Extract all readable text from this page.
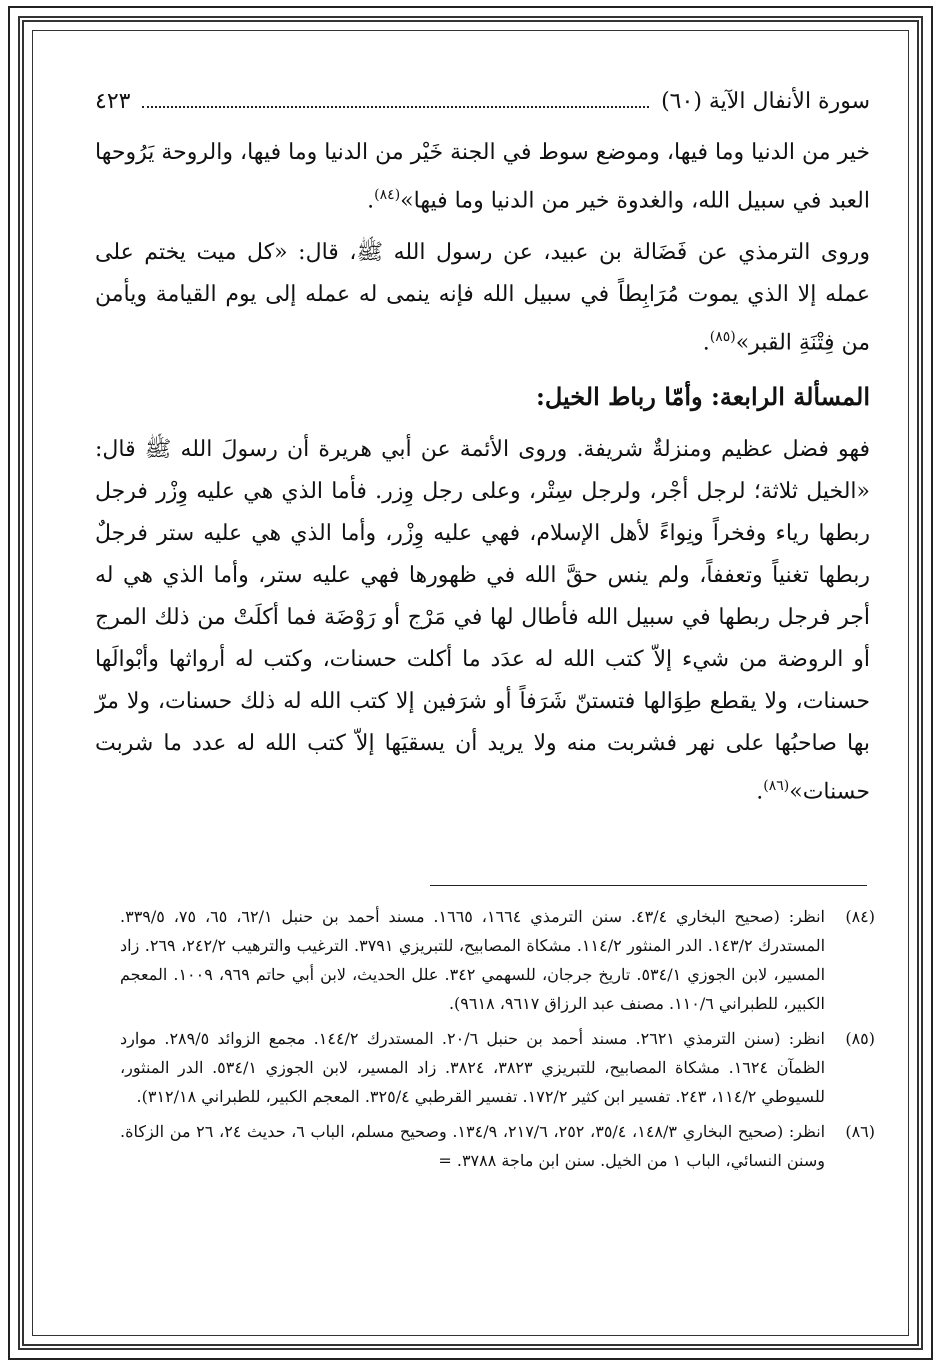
سورة الأنفال الآية (٦٠)
٤٢٣

خير من الدنيا وما فيها، وموضع سوط في الجنة خَيْر من الدنيا وما فيها، والروحة يَرُوحها العبد في سبيل الله، والغدوة خير من الدنيا وما فيها»$^{(٨٤)}$.

وروى الترمذي عن فَضَالة بن عبيد، عن رسول الله ﷺ، قال: «كل ميت يختم على عمله إلا الذي يموت مُرَابِطاً في سبيل الله فإنه ينمى له عمله إلى يوم القيامة ويأمن من فِتْنَةِ القبر»$^{(٨٥)}$.

المسألة الرابعة: وأمّا رباط الخيل:

فهو فضل عظيم ومنزلةٌ شريفة. وروى الأئمة عن أبي هريرة أن رسولَ الله ﷺ قال: «الخيل ثلاثة؛ لرجل أجْر، ولرجل سِتْر، وعلى رجل وِزر. فأما الذي هي عليه وِزْر فرجل ربطها رياء وفخراً ونِواءً لأهل الإسلام، فهي عليه وِزْر، وأما الذي هي عليه ستر فرجلٌ ربطها تغنياً وتعففاً، ولم ينس حقَّ الله في ظهورها فهي عليه ستر، وأما الذي هي له أجر فرجل ربطها في سبيل الله فأطال لها في مَرْج أو رَوْضَة فما أكلَتْ من ذلك المرج أو الروضة من شيء إلاّ كتب الله له عدَد ما أكلت حسنات، وكتب له أرواثها وأبْوالَها حسنات، ولا يقطع طِوَالها فتستنّ شَرَفاً أو شرَفين إلا كتب الله له ذلك حسنات، ولا مرّ بها صاحبُها على نهر فشربت منه ولا يريد أن يسقيَها إلاّ كتب الله له عدد ما شربت حسنات»$^{(٨٦)}$.

(٨٤)
انظر: (صحيح البخاري ٤٣/٤. سنن الترمذي ١٦٦٤، ١٦٦٥. مسند أحمد بن حنبل ٦٢/١، ٦٥، ٧٥، ٣٣٩/٥. المستدرك ١٤٣/٢. الدر المنثور ١١٤/٢. مشكاة المصابيح، للتبريزي ٣٧٩١. الترغيب والترهيب ٢٤٢/٢، ٢٦٩. زاد المسير، لابن الجوزي ٥٣٤/١. تاريخ جرجان، للسهمي ٣٤٢. علل الحديث، لابن أبي حاتم ٩٦٩، ١٠٠٩. المعجم الكبير، للطبراني ١١٠/٦. مصنف عبد الرزاق ٩٦١٧، ٩٦١٨).
(٨٥)
انظر: (سنن الترمذي ٢٦٢١. مسند أحمد بن حنبل ٢٠/٦. المستدرك ١٤٤/٢. مجمع الزوائد ٢٨٩/٥. موارد الظمآن ١٦٢٤. مشكاة المصابيح، للتبريزي ٣٨٢٣، ٣٨٢٤. زاد المسير، لابن الجوزي ٥٣٤/١. الدر المنثور، للسيوطي ١١٤/٢، ٢٤٣. تفسير ابن كثير ١٧٢/٢. تفسير القرطبي ٣٢٥/٤. المعجم الكبير، للطبراني ٣١٢/١٨).
(٨٦)
انظر: (صحيح البخاري ١٤٨/٣، ٣٥/٤، ٢٥٢، ٢١٧/٦، ١٣٤/٩. وصحيح مسلم، الباب ٦، حديث ٢٤، ٢٦ من الزكاة. وسنن النسائي، الباب ١ من الخيل. سنن ابن ماجة ٣٧٨٨. =
